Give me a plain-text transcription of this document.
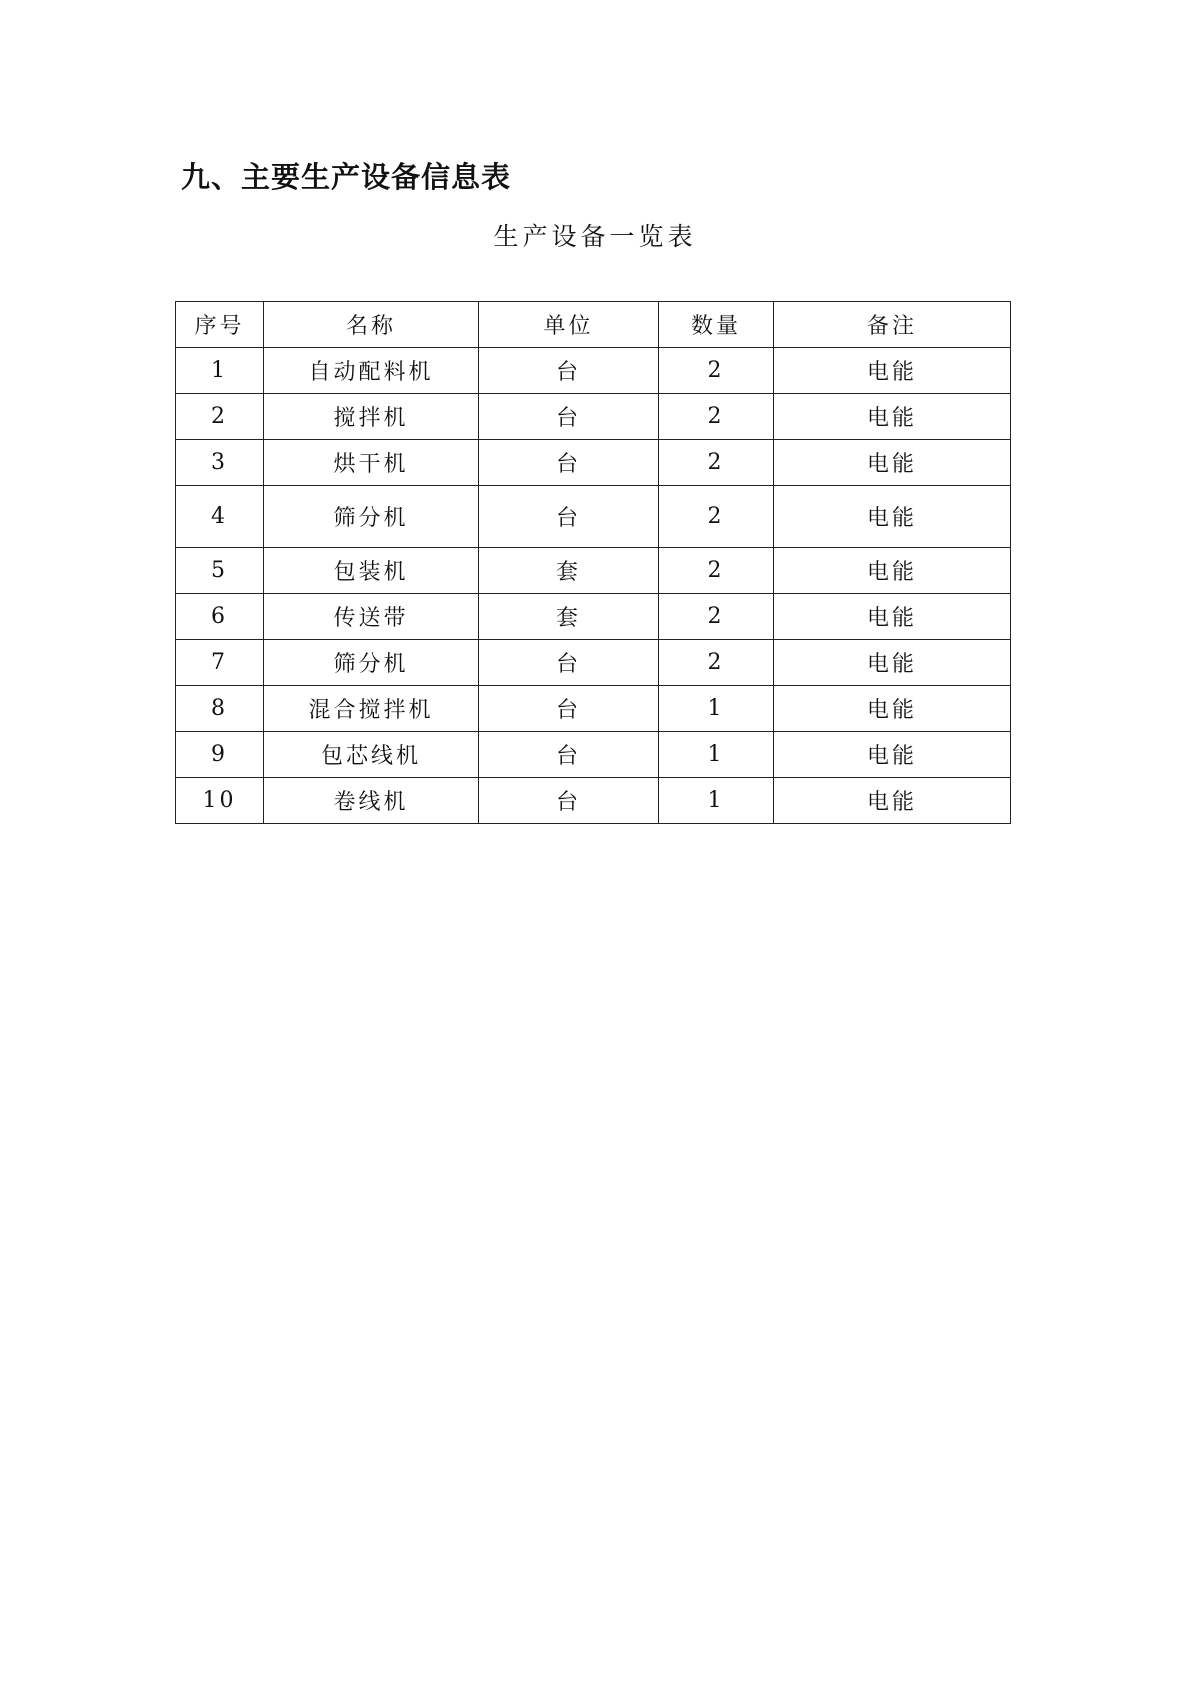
九、主要生产设备信息表
生产设备一览表
序号	名称	单位	数量	备注
1	自动配料机	台	2	电能
2	搅拌机	台	2	电能
3	烘干机	台	2	电能
4	筛分机	台	2	电能
5	包装机	套	2	电能
6	传送带	套	2	电能
7	筛分机	台	2	电能
8	混合搅拌机	台	1	电能
9	包芯线机	台	1	电能
10	卷线机	台	1	电能
